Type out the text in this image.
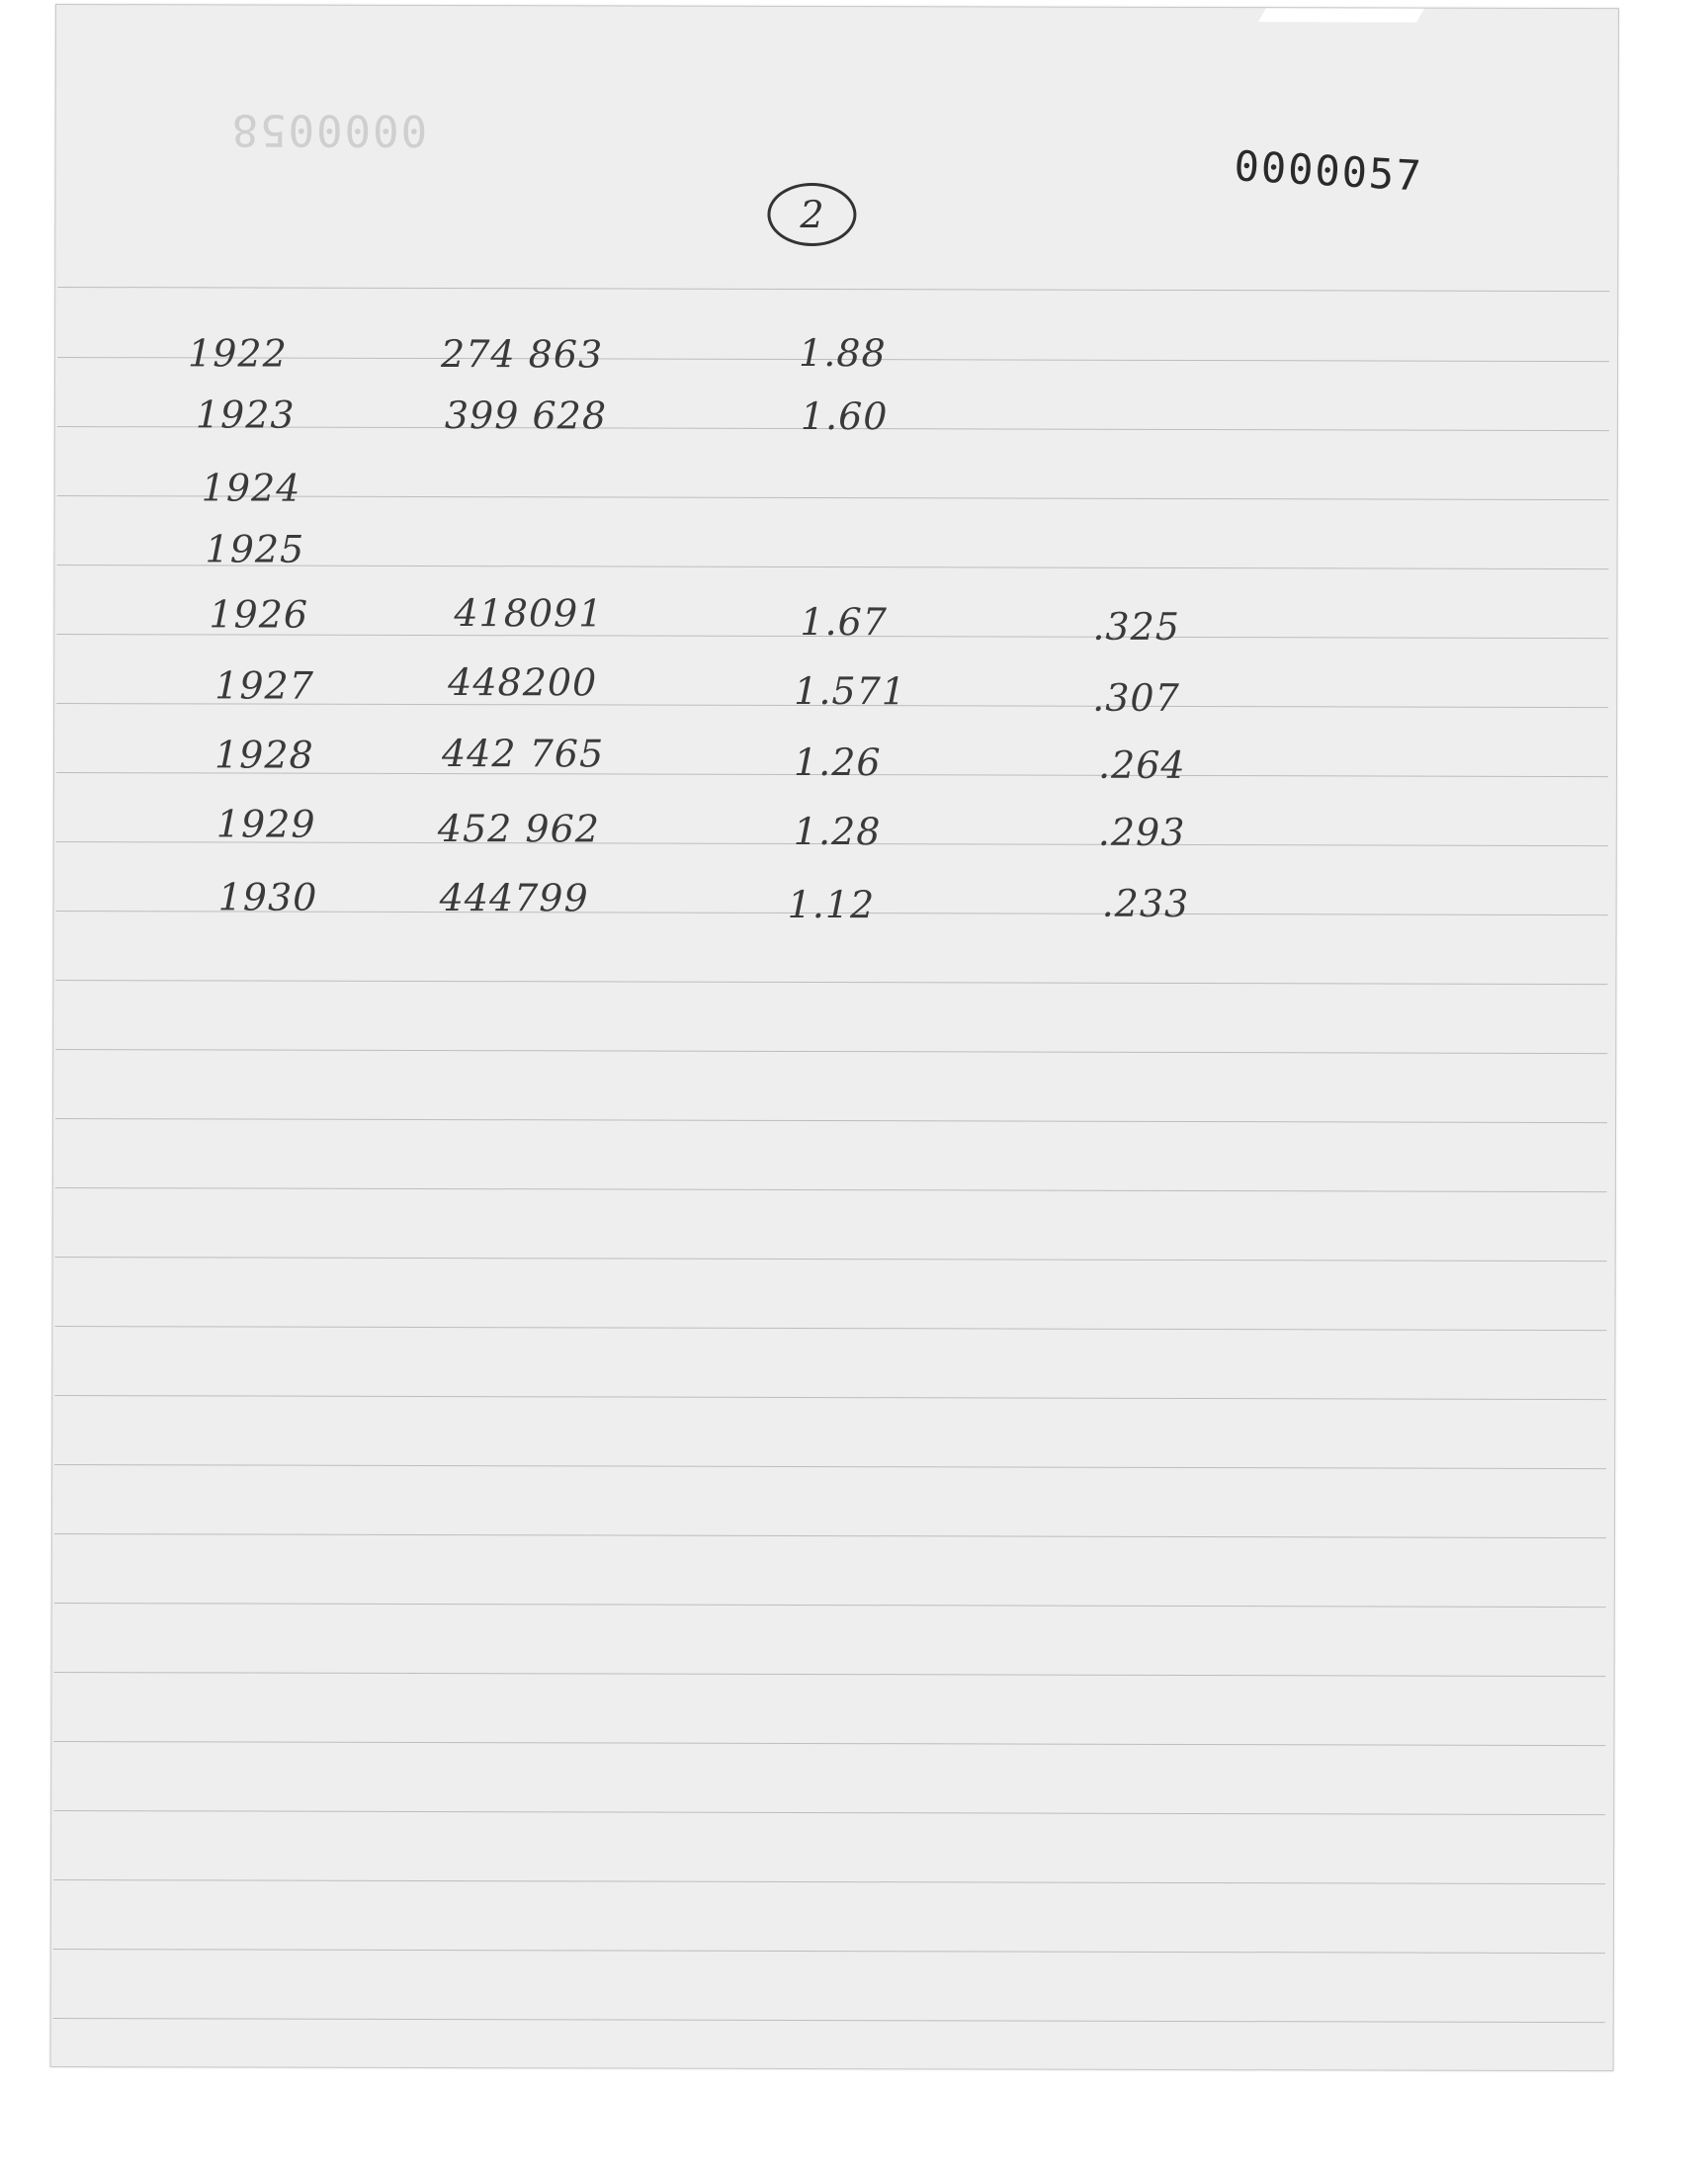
0000058
0000057
2
1922	274 863	1.88
1923	399 628	1.60
1924
1925
1926	418091	1.67	.325
1927	448200	1.571	.307
1928	442 765	1.26	.264
1929	452 962	1.28	.293
1930	444799	1.12	.233
